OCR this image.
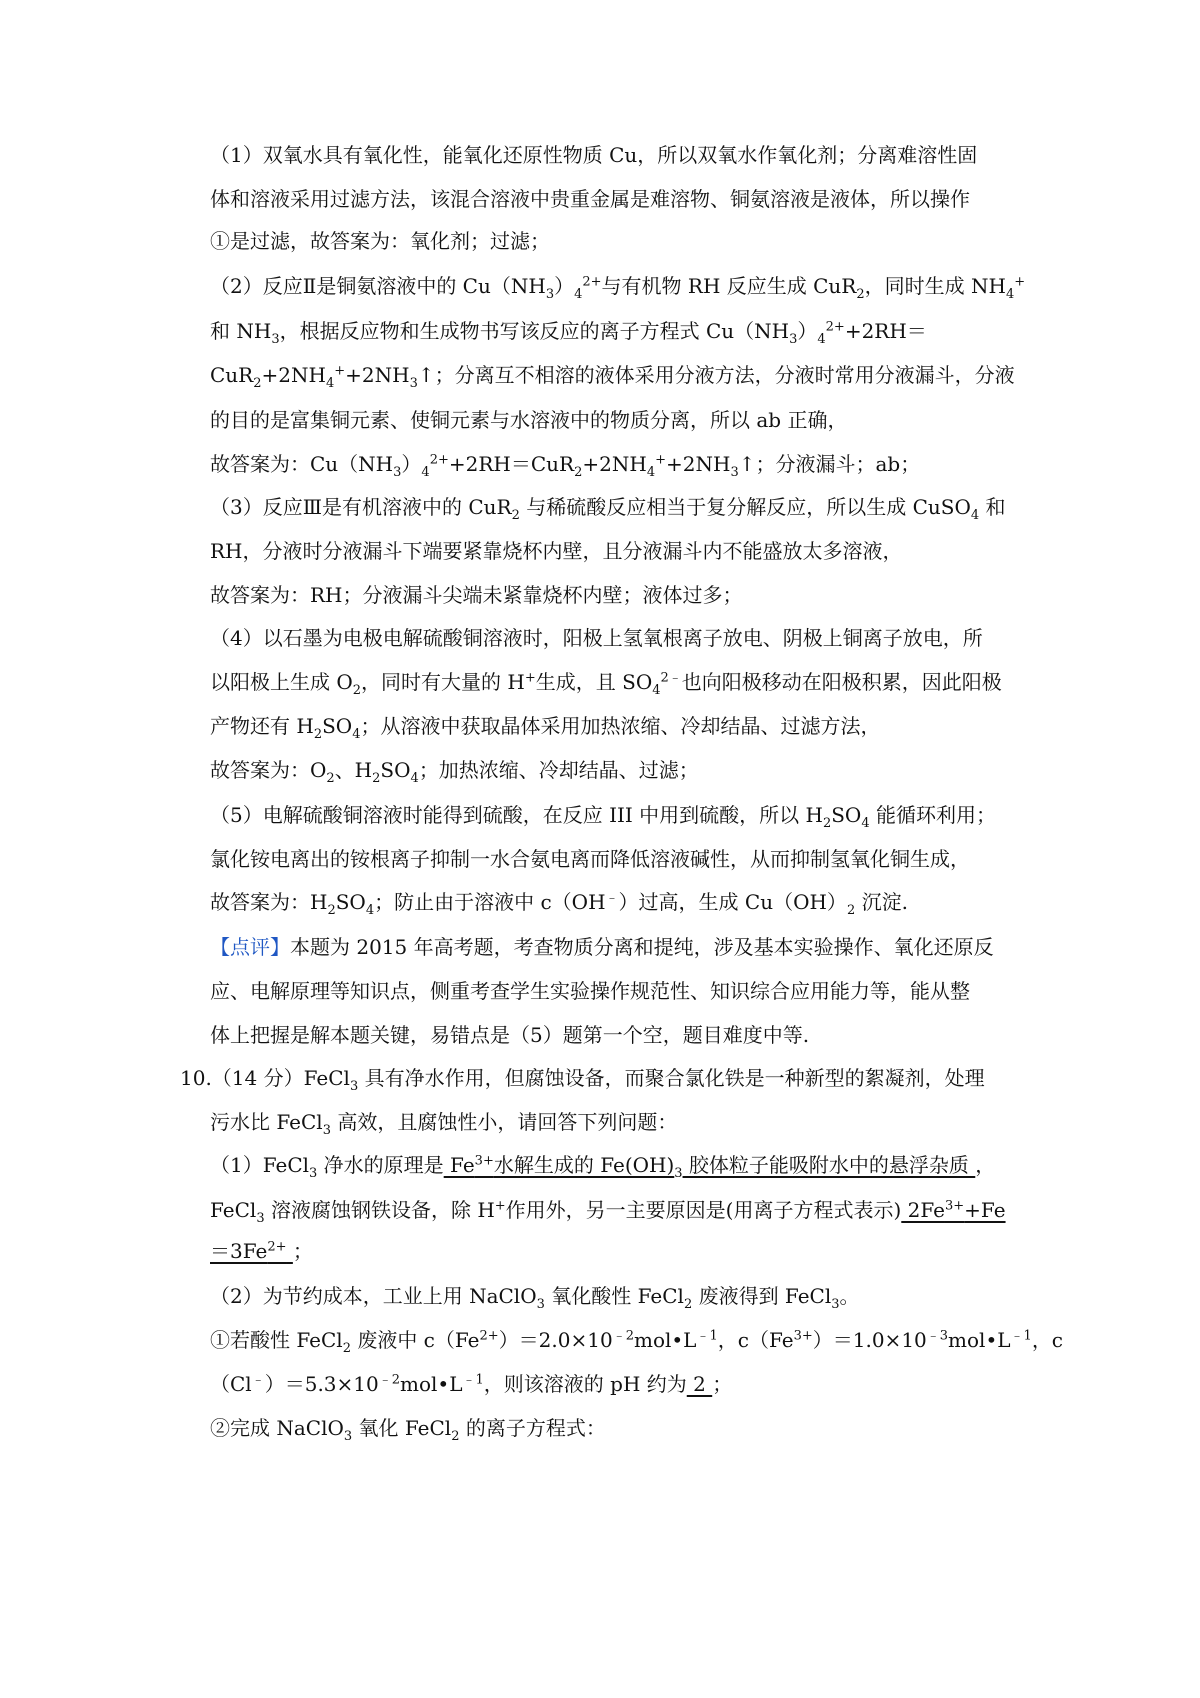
（1）双氧水具有氧化性，能氧化还原性物质 Cu，所以双氧水作氧化剂；分离难溶性固
体和溶液采用过滤方法，该混合溶液中贵重金属是难溶物、铜氨溶液是液体，所以操作
①是过滤，故答案为：氧化剂；过滤；
（2）反应Ⅱ是铜氨溶液中的 $Cu(NH_3)_4^{2+}$与有机物 RH 反应生成 CuR$_2$，同时生成 $NH_4^+$
和 $NH_3$，根据反应物和生成物书写该反应的离子方程式 $Cu(NH_3)_4^{2+}+2RH=$
$CuR_2+2NH_4^++2NH_3↑$；分离互不相溶的液体采用分液方法，分液时常用分液漏斗，分液
的目的是富集铜元素、使铜元素与水溶液中的物质分离，所以 ab 正确，
故答案为：$Cu(NH_3)_4^{2+}+2RH=CuR_2+2NH_4^++2NH_3↑$；分液漏斗；ab；
（3）反应Ⅲ是有机溶液中的 CuR$_2$ 与稀硫酸反应相当于复分解反应，所以生成 CuSO$_4$ 和
RH，分液时分液漏斗下端要紧靠烧杯内壁，且分液漏斗内不能盛放太多溶液，
故答案为：RH；分液漏斗尖端未紧靠烧杯内壁；液体过多；
（4）以石墨为电极电解硫酸铜溶液时，阳极上氢氧根离子放电、阴极上铜离子放电，所
以阳极上生成 $O_2$，同时有大量的 H+生成，且 $SO_4^{2﹣}$也向阳极移动在阳极积累，因此阳极
产物还有 $H_2SO_4$；从溶液中获取晶体采用加热浓缩、冷却结晶、过滤方法，
故答案为：$O_2$、$H_2SO_4$；加热浓缩、冷却结晶、过滤；
（5）电解硫酸铜溶液时能得到硫酸，在反应 III 中用到硫酸，所以 $H_2SO_4$ 能循环利用；
氯化铵电离出的铵根离子抑制一水合氨电离而降低溶液碱性，从而抑制氢氧化铜生成，
故答案为：$H_2SO_4$；防止由于溶液中 c（OH﹣）过高，生成 $Cu(OH)_2$ 沉淀.
【点评】本题为 2015 年高考题，考查物质分离和提纯，涉及基本实验操作、氧化还原反
应、电解原理等知识点，侧重考查学生实验操作规范性、知识综合应用能力等，能从整
体上把握是解本题关键，易错点是（5）题第一个空，题目难度中等.
10.（14 分）FeCl$_3$ 具有净水作用，但腐蚀设备，而聚合氯化铁是一种新型的絮凝剂，处理
污水比 FeCl$_3$ 高效，且腐蚀性小，请回答下列问题：
（1）FeCl$_3$ 净水的原理是 $Fe^{3+}$水解生成的 $Fe(OH)_3$ 胶体粒子能吸附水中的悬浮杂质 ，
FeCl$_3$ 溶液腐蚀钢铁设备，除 H+作用外，另一主要原因是(用离子方程式表示) $2Fe^{3+}+Fe$
$=3Fe^{2+}$ ；
（2）为节约成本，工业上用 NaClO$_3$ 氧化酸性 FeCl$_2$ 废液得到 FeCl$_3$。
①若酸性 FeCl$_2$ 废液中 $c(Fe^{2+})=2.0\times 10^{﹣2}mol•L^{﹣1}$，$c(Fe^{3+})=1.0\times 10^{﹣3}mol•L^{﹣1}$，c
$(Cl^﹣)=5.3\times 10^{﹣2}mol•L^{﹣1}$，则该溶液的 pH 约为 2 ；
②完成 NaClO$_3$ 氧化 FeCl$_2$ 的离子方程式：
